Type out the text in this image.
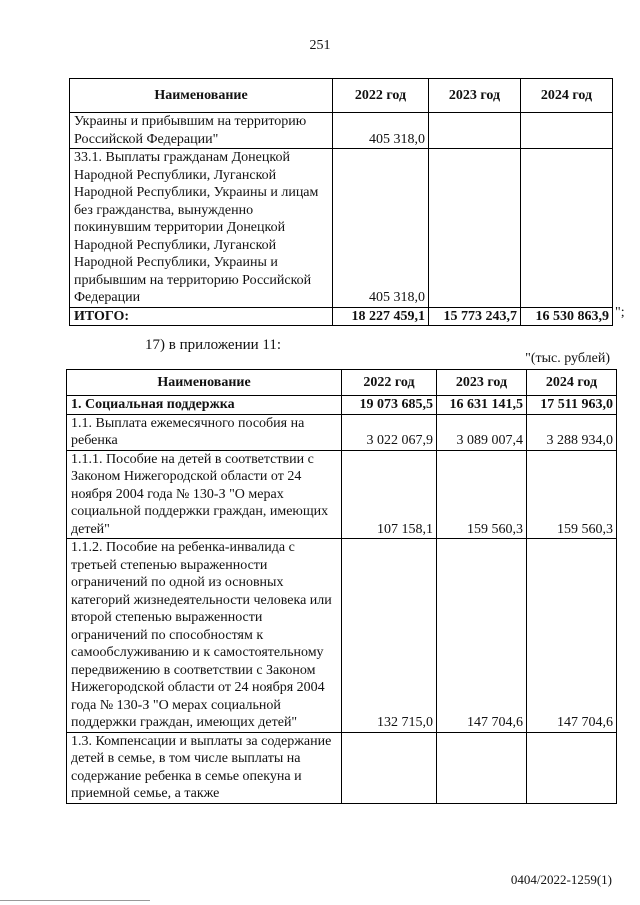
251
Наименование	2022 год	2023 год	2024 год
Украины и прибывшим на территорию Российской Федерации"	405 318,0		
33.1. Выплаты гражданам Донецкой Народной Республики, Луганской Народной Республики, Украины и лицам без гражданства, вынужденно покинувшим территории Донецкой Народной Республики, Луганской Народной Республики, Украины и прибывшим на территорию Российской Федерации	405 318,0		
ИТОГО:	18 227 459,1	15 773 243,7	16 530 863,9 ";
17) в приложении 11:
"(тыс. рублей)
Наименование	2022 год	2023 год	2024 год
1. Социальная поддержка	19 073 685,5	16 631 141,5	17 511 963,0
1.1. Выплата ежемесячного пособия на ребенка	3 022 067,9	3 089 007,4	3 288 934,0
1.1.1. Пособие на детей в соответствии с Законом Нижегородской области от 24 ноября 2004 года № 130-З "О мерах социальной поддержки граждан, имеющих детей"	107 158,1	159 560,3	159 560,3
1.1.2. Пособие на ребенка-инвалида с третьей степенью выраженности ограничений по одной из основных категорий жизнедеятельности человека или второй степенью выраженности ограничений по способностям к самообслуживанию и к самостоятельному передвижению в соответствии с Законом Нижегородской области от 24 ноября 2004 года № 130-З "О мерах социальной поддержки граждан, имеющих детей"	132 715,0	147 704,6	147 704,6
1.3. Компенсации и выплаты за содержание детей в семье, в том числе выплаты на содержание ребенка в семье опекуна и приемной семье, а также			
0404/2022-1259(1)
